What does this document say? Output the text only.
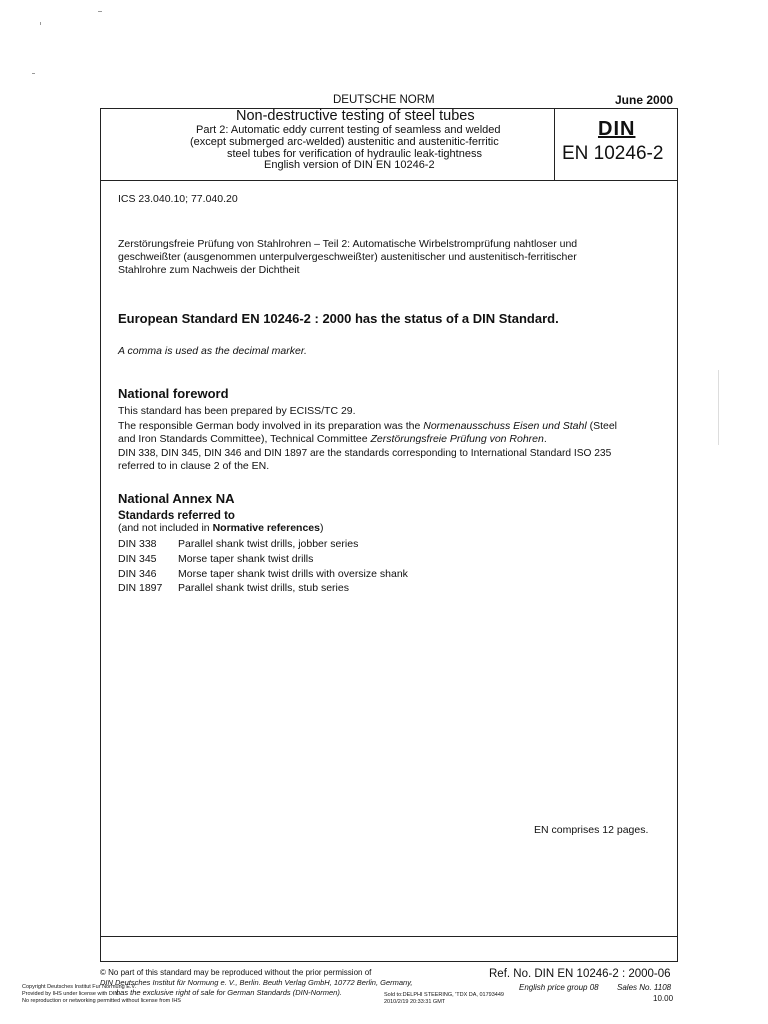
DEUTSCHE NORM	June 2000
Non-destructive testing of steel tubes
Part 2: Automatic eddy current testing of seamless and welded
(except submerged arc-welded) austenitic and austenitic-ferritic
steel tubes for verification of hydraulic leak-tightness
English version of DIN EN 10246-2
DIN
EN 10246-2
ICS 23.040.10; 77.040.20
Zerstörungsfreie Prüfung von Stahlrohren – Teil 2: Automatische Wirbelstromprüfung nahtloser und
geschweißter (ausgenommen unterpulvergeschweißter) austenitischer und austenitisch-ferritischer
Stahlrohre zum Nachweis der Dichtheit
European Standard EN 10246-2 : 2000 has the status of a DIN Standard.
A comma is used as the decimal marker.
National foreword
This standard has been prepared by ECISS/TC 29.
The responsible German body involved in its preparation was the Normenausschuss Eisen und Stahl (Steel
and Iron Standards Committee), Technical Committee Zerstörungsfreie Prüfung von Rohren.
DIN 338, DIN 345, DIN 346 and DIN 1897 are the standards corresponding to International Standard ISO 235
referred to in clause 2 of the EN.
National Annex NA
Standards referred to
(and not included in Normative references)
DIN 338 Parallel shank twist drills, jobber series
DIN 345 Morse taper shank twist drills
DIN 346 Morse taper shank twist drills with oversize shank
DIN 1897 Parallel shank twist drills, stub series
EN comprises 12 pages.
© No part of this standard may be reproduced without the prior permission of
DIN Deutsches Institut für Normung e. V., Berlin. Beuth Verlag GmbH, 10772 Berlin, Germany,
has the exclusive right of sale for German Standards (DIN-Normen).
Copyright Deutsches Institut Fur Normung E.V.
Provided by IHS under license with DIN
No reproduction or networking permitted without license from IHS
Sold to:DELPHI STEERING, 'TDX DA, 01793449
2010/2/19 20:33:31 GMT
Ref. No. DIN EN 10246-2 : 2000-06
English price group 08 Sales No. 1108
10.00
